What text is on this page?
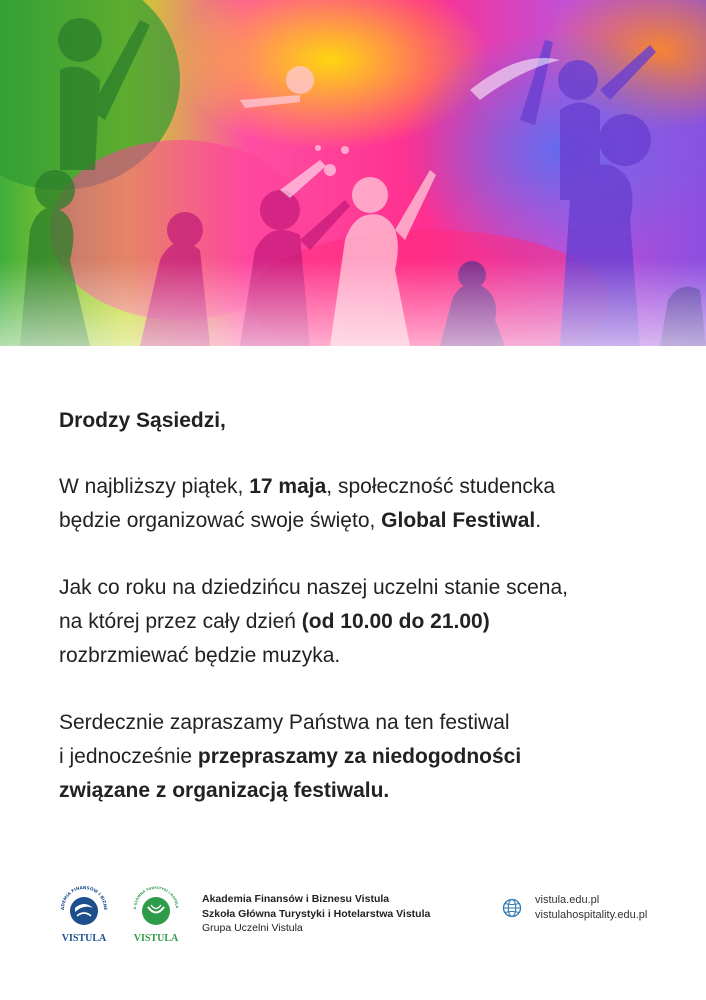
Drodzy Sąsiedzi,

W najbliższy piątek, 17 maja, społeczność studencka
będzie organizować swoje święto, Global Festiwal.

Jak co roku na dziedzińcu naszej uczelni stanie scena,
na której przez cały dzień (od 10.00 do 21.00)
rozbrzmiewać będzie muzyka.

Serdecznie zapraszamy Państwa na ten festiwal
i jednocześnie przepraszamy za niedogodności
związane z organizacją festiwalu.

ADEMIA FINANSÓW I BIZNE
VISTULA
A GŁÓWNA TURYSTYKI I HOTELA
VISTULA
Akademia Finansów i Biznesu Vistula
Szkoła Główna Turystyki i Hotelarstwa Vistula
Grupa Uczelni Vistula
vistula.edu.pl
vistulahospitality.edu.pl
